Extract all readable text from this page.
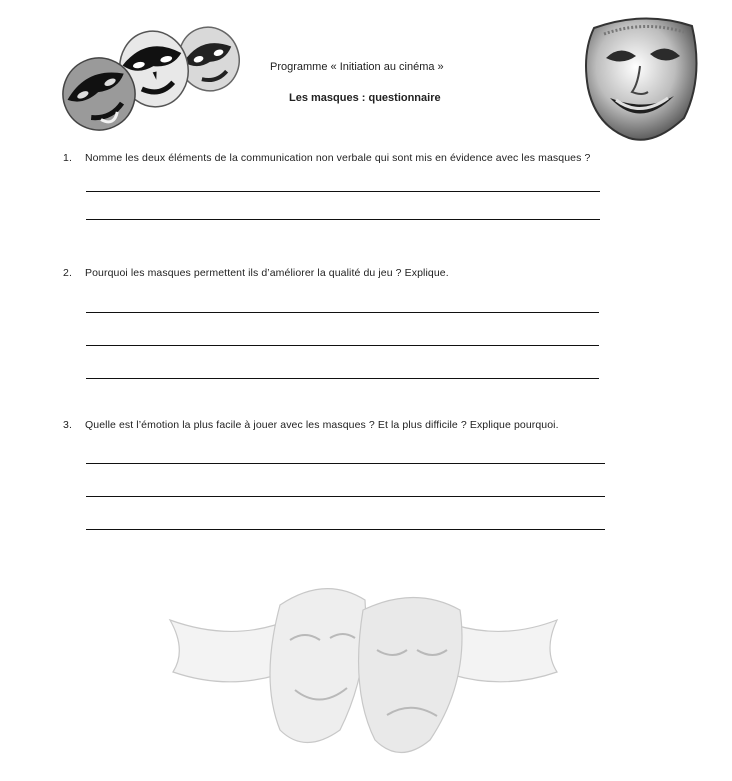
Programme « Initiation au cinéma »
Les masques : questionnaire
1. Nomme les deux éléments de la communication non verbale qui sont mis en évidence avec les masques ?
2. Pourquoi les masques permettent ils d’améliorer la qualité du jeu ? Explique.
3. Quelle est l’émotion la plus facile à jouer avec les masques ? Et la plus difficile ? Explique pourquoi.
